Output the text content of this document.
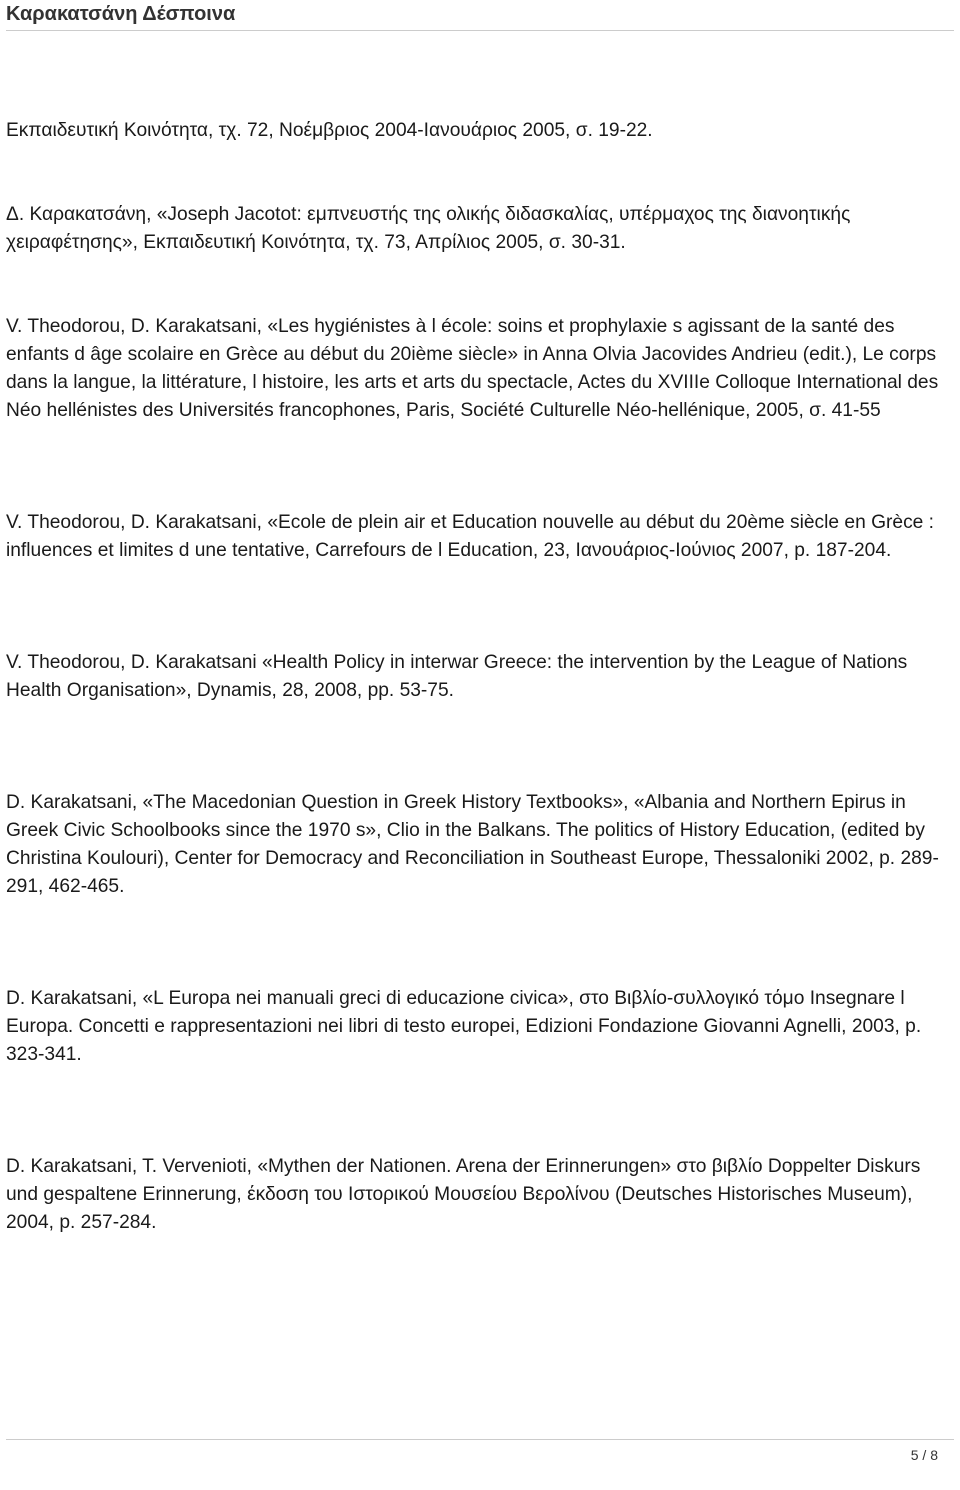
Καρακατσάνη Δέσποινα

Εκπαιδευτική Κοινότητα, τχ. 72, Νοέμβριος 2004-Ιανουάριος 2005, σ. 19-22.

Δ. Καρακατσάνη, «Joseph Jacotot: εμπνευστής της ολικής διδασκαλίας, υπέρμαχος της διανοητικής χειραφέτησης», Εκπαιδευτική Κοινότητα, τχ. 73, Απρίλιος 2005, σ. 30-31.

V. Theodorou, D. Karakatsani, «Les hygiénistes à l école: soins et prophylaxie s agissant de la santé des enfants d âge scolaire en Grèce au début du 20ième siècle» in Anna Olvia Jacovides Andrieu (edit.), Le corps dans la langue, la littérature, l histoire, les arts et arts du spectacle, Actes du XVIIIe Colloque International des Néo hellénistes des Universités francophones, Paris, Société Culturelle Néo-hellénique, 2005, σ. 41-55

V. Theodorou, D. Karakatsani, «Ecole de plein air et Education nouvelle au début du 20ème siècle en Grèce : influences et limites d une tentative, Carrefours de l Education, 23, Ιανουάριος-Ιούνιος 2007, p. 187-204.

V. Theodorou, D. Karakatsani «Health Policy in interwar Greece: the intervention by the League of Nations Health Organisation», Dynamis, 28, 2008, pp. 53-75.

D. Karakatsani, «The Macedonian Question in Greek History Textbooks», «Albania and Northern Epirus in Greek Civic Schoolbooks since the 1970 s», Clio in the Balkans. The politics of History Education, (edited by Christina Koulouri), Center for Democracy and Reconciliation in Southeast Europe, Thessaloniki 2002, p. 289-291, 462-465.

D. Karakatsani, «L Europa nei manuali greci di educazione civica», στο Βιβλίο-συλλογικό τόμο Insegnare l Europa. Concetti e rappresentazioni nei libri di testo europei, Edizioni Fondazione Giovanni Agnelli, 2003, p. 323-341.

D. Karakatsani, T. Vervenioti, «Mythen der Nationen. Arena der Erinnerungen» στο βιβλίο Doppelter Diskurs und gespaltene Erinnerung, έκδοση του Ιστορικού Μουσείου Βερολίνου (Deutsches Historisches Museum), 2004, p. 257-284.

5 / 8
